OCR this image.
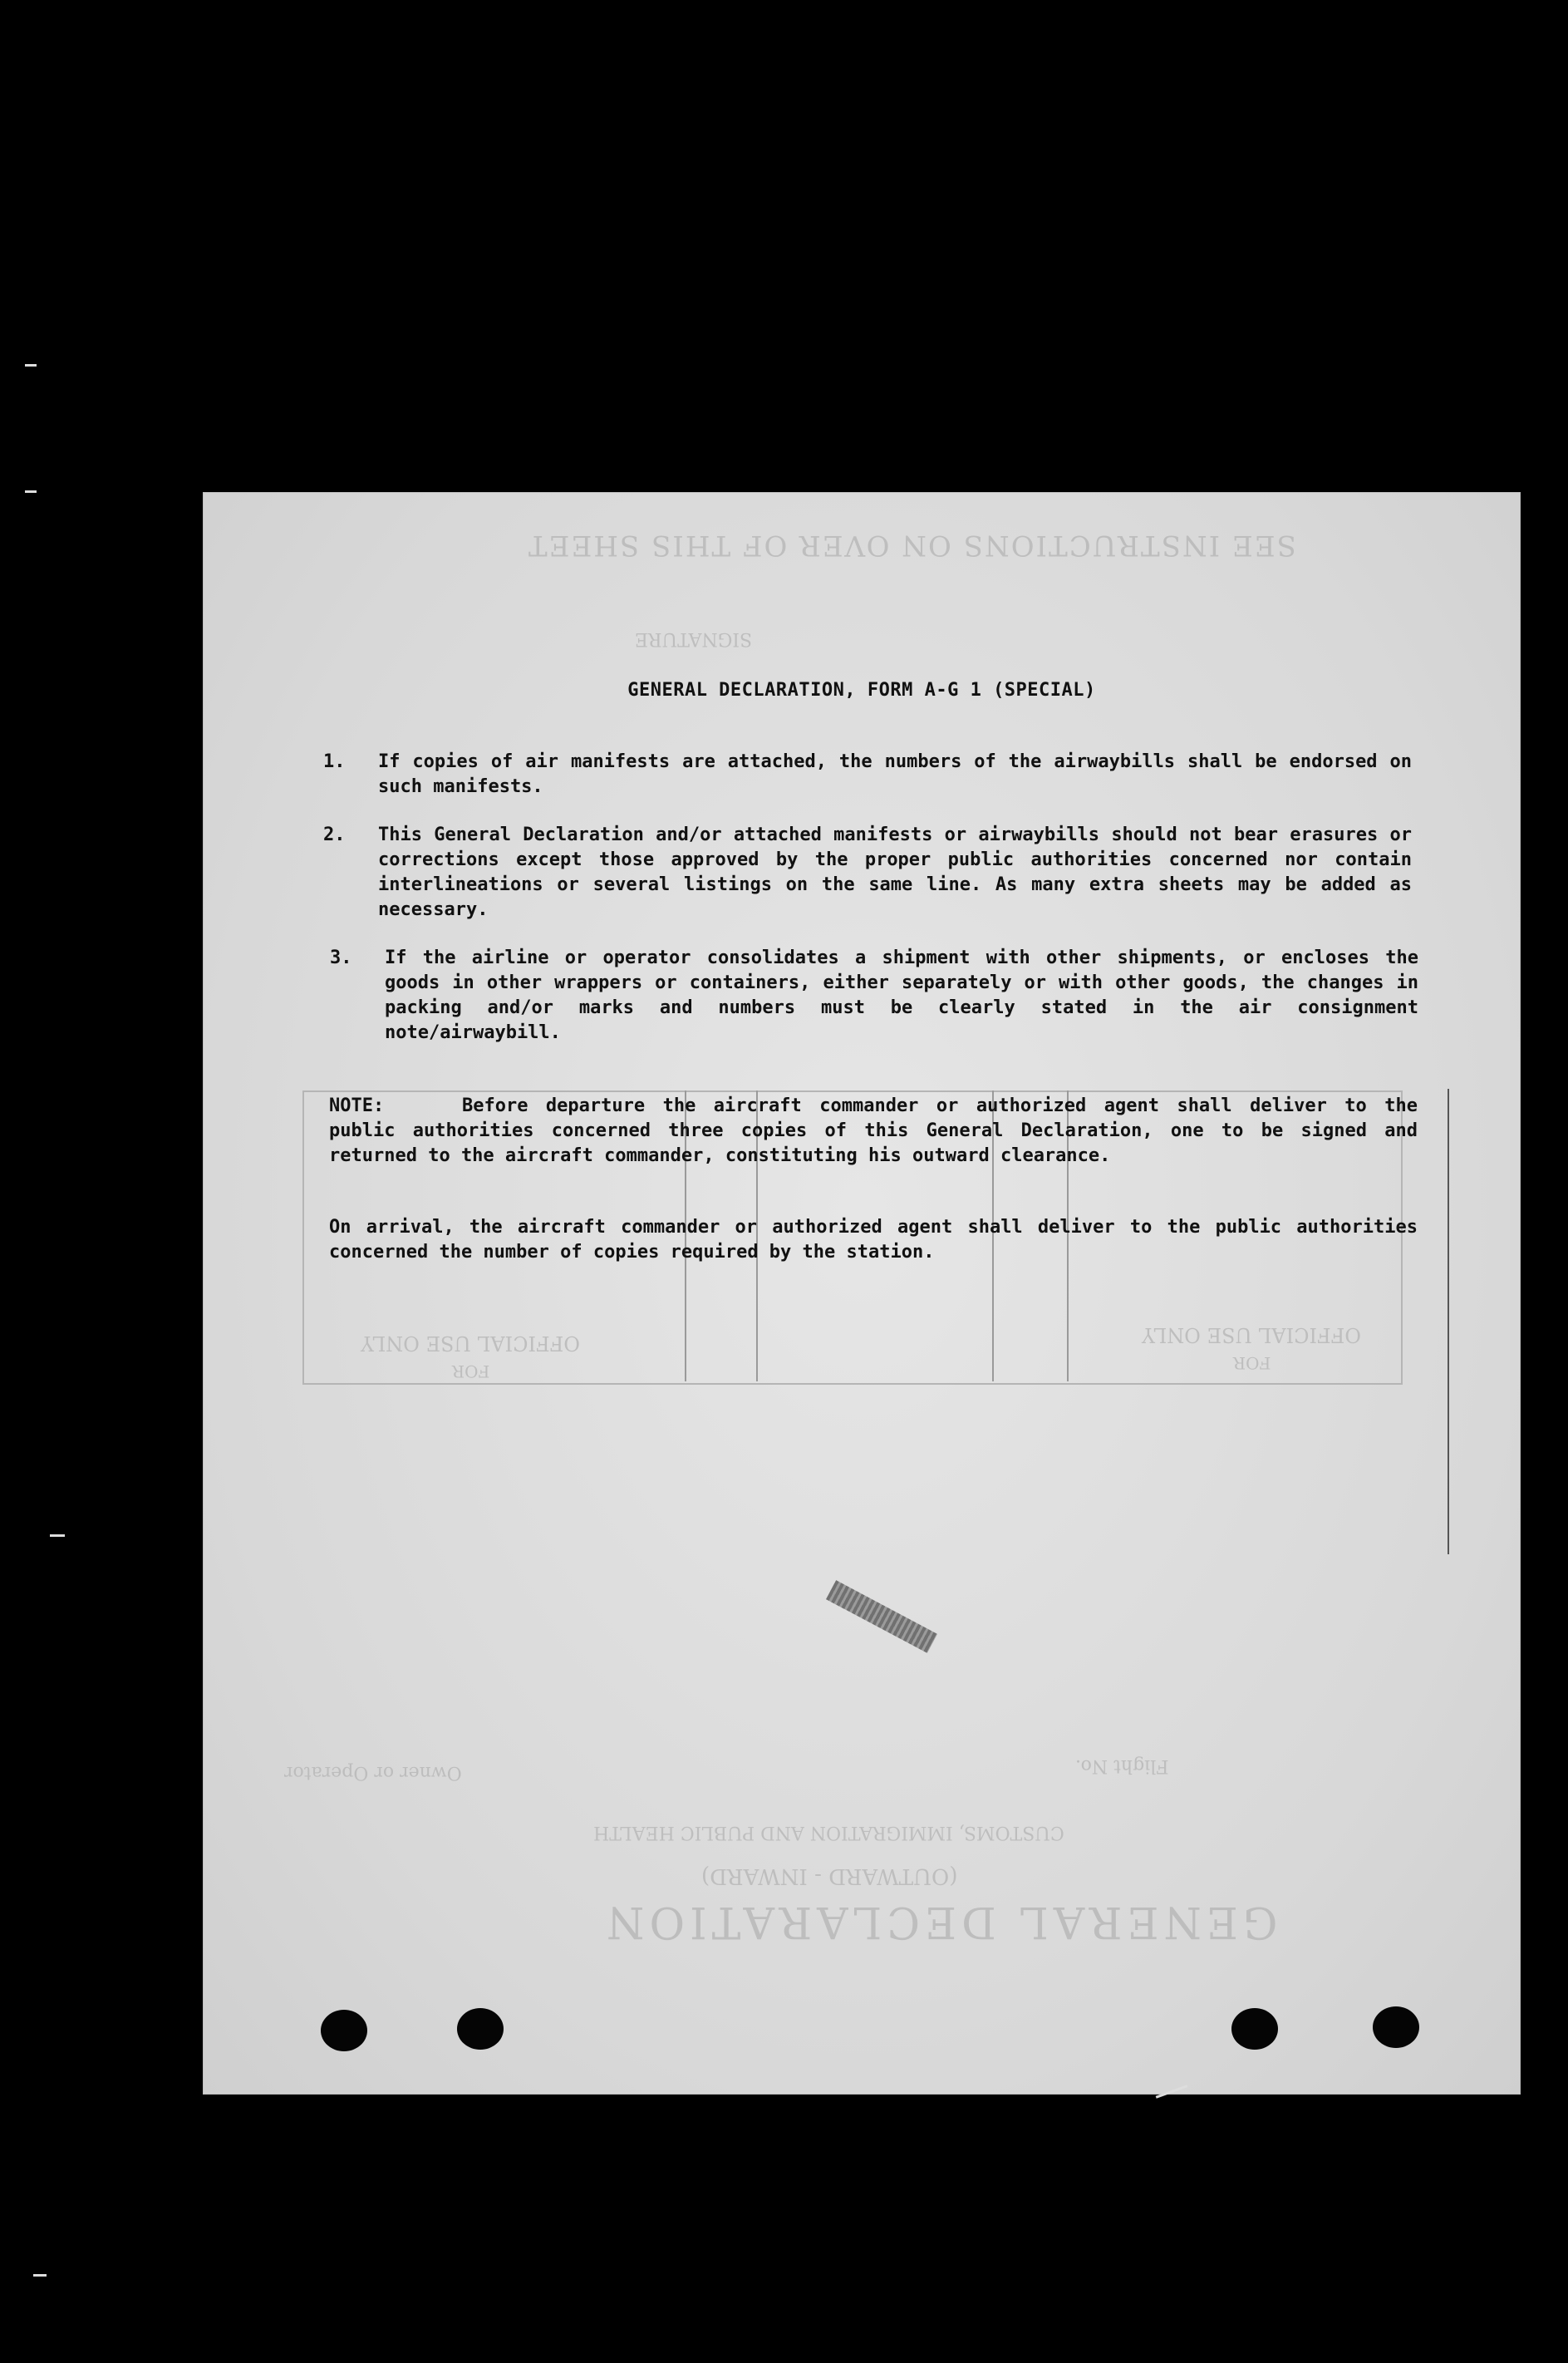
SEE INSTRUCTIONS ON OVER OF THIS SHEET
SIGNATURE
OFFICIAL USE ONLY
FOR
OFFICIAL USE ONLY
FOR
Flight No.
Owner or Operator
CUSTOMS, IMMIGRATION AND PUBLIC HEALTH
(OUTWARD - INWARD)
GENERAL DECLARATION
GENERAL DECLARATION, FORM A-G 1 (SPECIAL)
1.	If copies of air manifests are attached, the numbers of the airwaybills shall be endorsed on such manifests.
2.	This General Declaration and/or attached manifests or airwaybills should not bear erasures or corrections except those approved by the proper public authorities concerned nor contain interlineations or several listings on the same line. As many extra sheets may be added as necessary.
3.	If the airline or operator consolidates a shipment with other shipments, or encloses the goods in other wrappers or containers, either separately or with other goods, the changes in packing and/or marks and numbers must be clearly stated in the air consignment note/airwaybill.
NOTE:	Before departure the aircraft commander or authorized agent shall deliver to the public authorities concerned three copies of this General Declaration, one to be signed and returned to the aircraft commander, constituting his outward clearance.
On arrival, the aircraft commander or authorized agent shall deliver to the public authorities concerned the number of copies required by the station.
